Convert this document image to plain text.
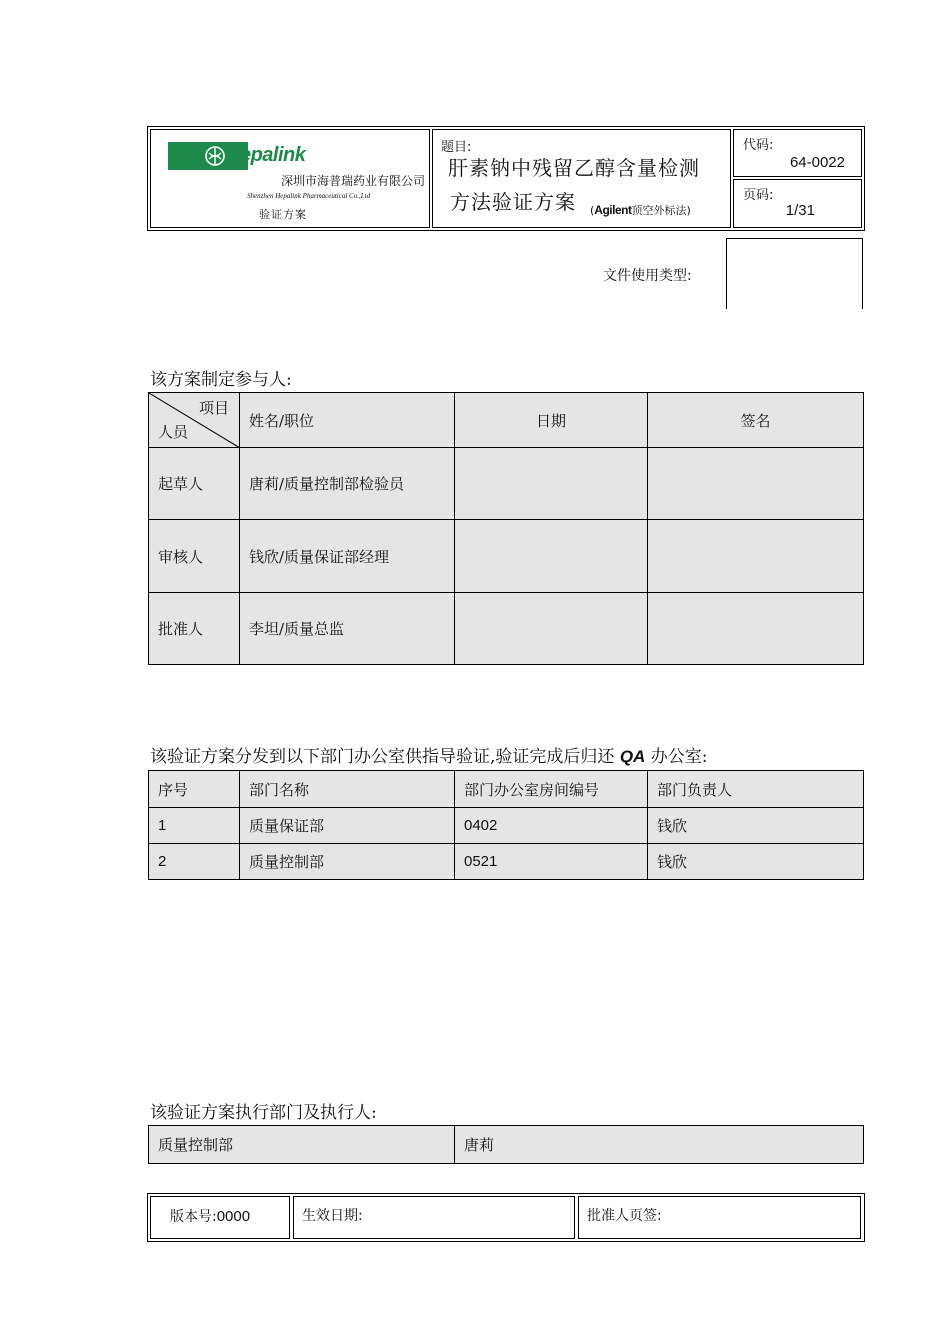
Hepalink
深圳市海普瑞药业有限公司
Shenzhen Hepalink Pharmaceutical Co.,Ltd
验证方案
题目:
肝素钠中残留乙醇含量检测
方法验证方案 (Agilent顶空外标法)
代码:
64-0022
页码:
1/31
文件使用类型:
该方案制定参与人:
项目
人员	姓名/职位	日期	签名
起草人	唐莉/质量控制部检验员		
审核人	钱欣/质量保证部经理		
批准人	李坦/质量总监		
该验证方案分发到以下部门办公室供指导验证,验证完成后归还 QA 办公室:
序号	部门名称	部门办公室房间编号	部门负责人
1	质量保证部	0402	钱欣
2	质量控制部	0521	钱欣
该验证方案执行部门及执行人:
质量控制部	唐莉
版本号:0000	生效日期:	批准人页签:
